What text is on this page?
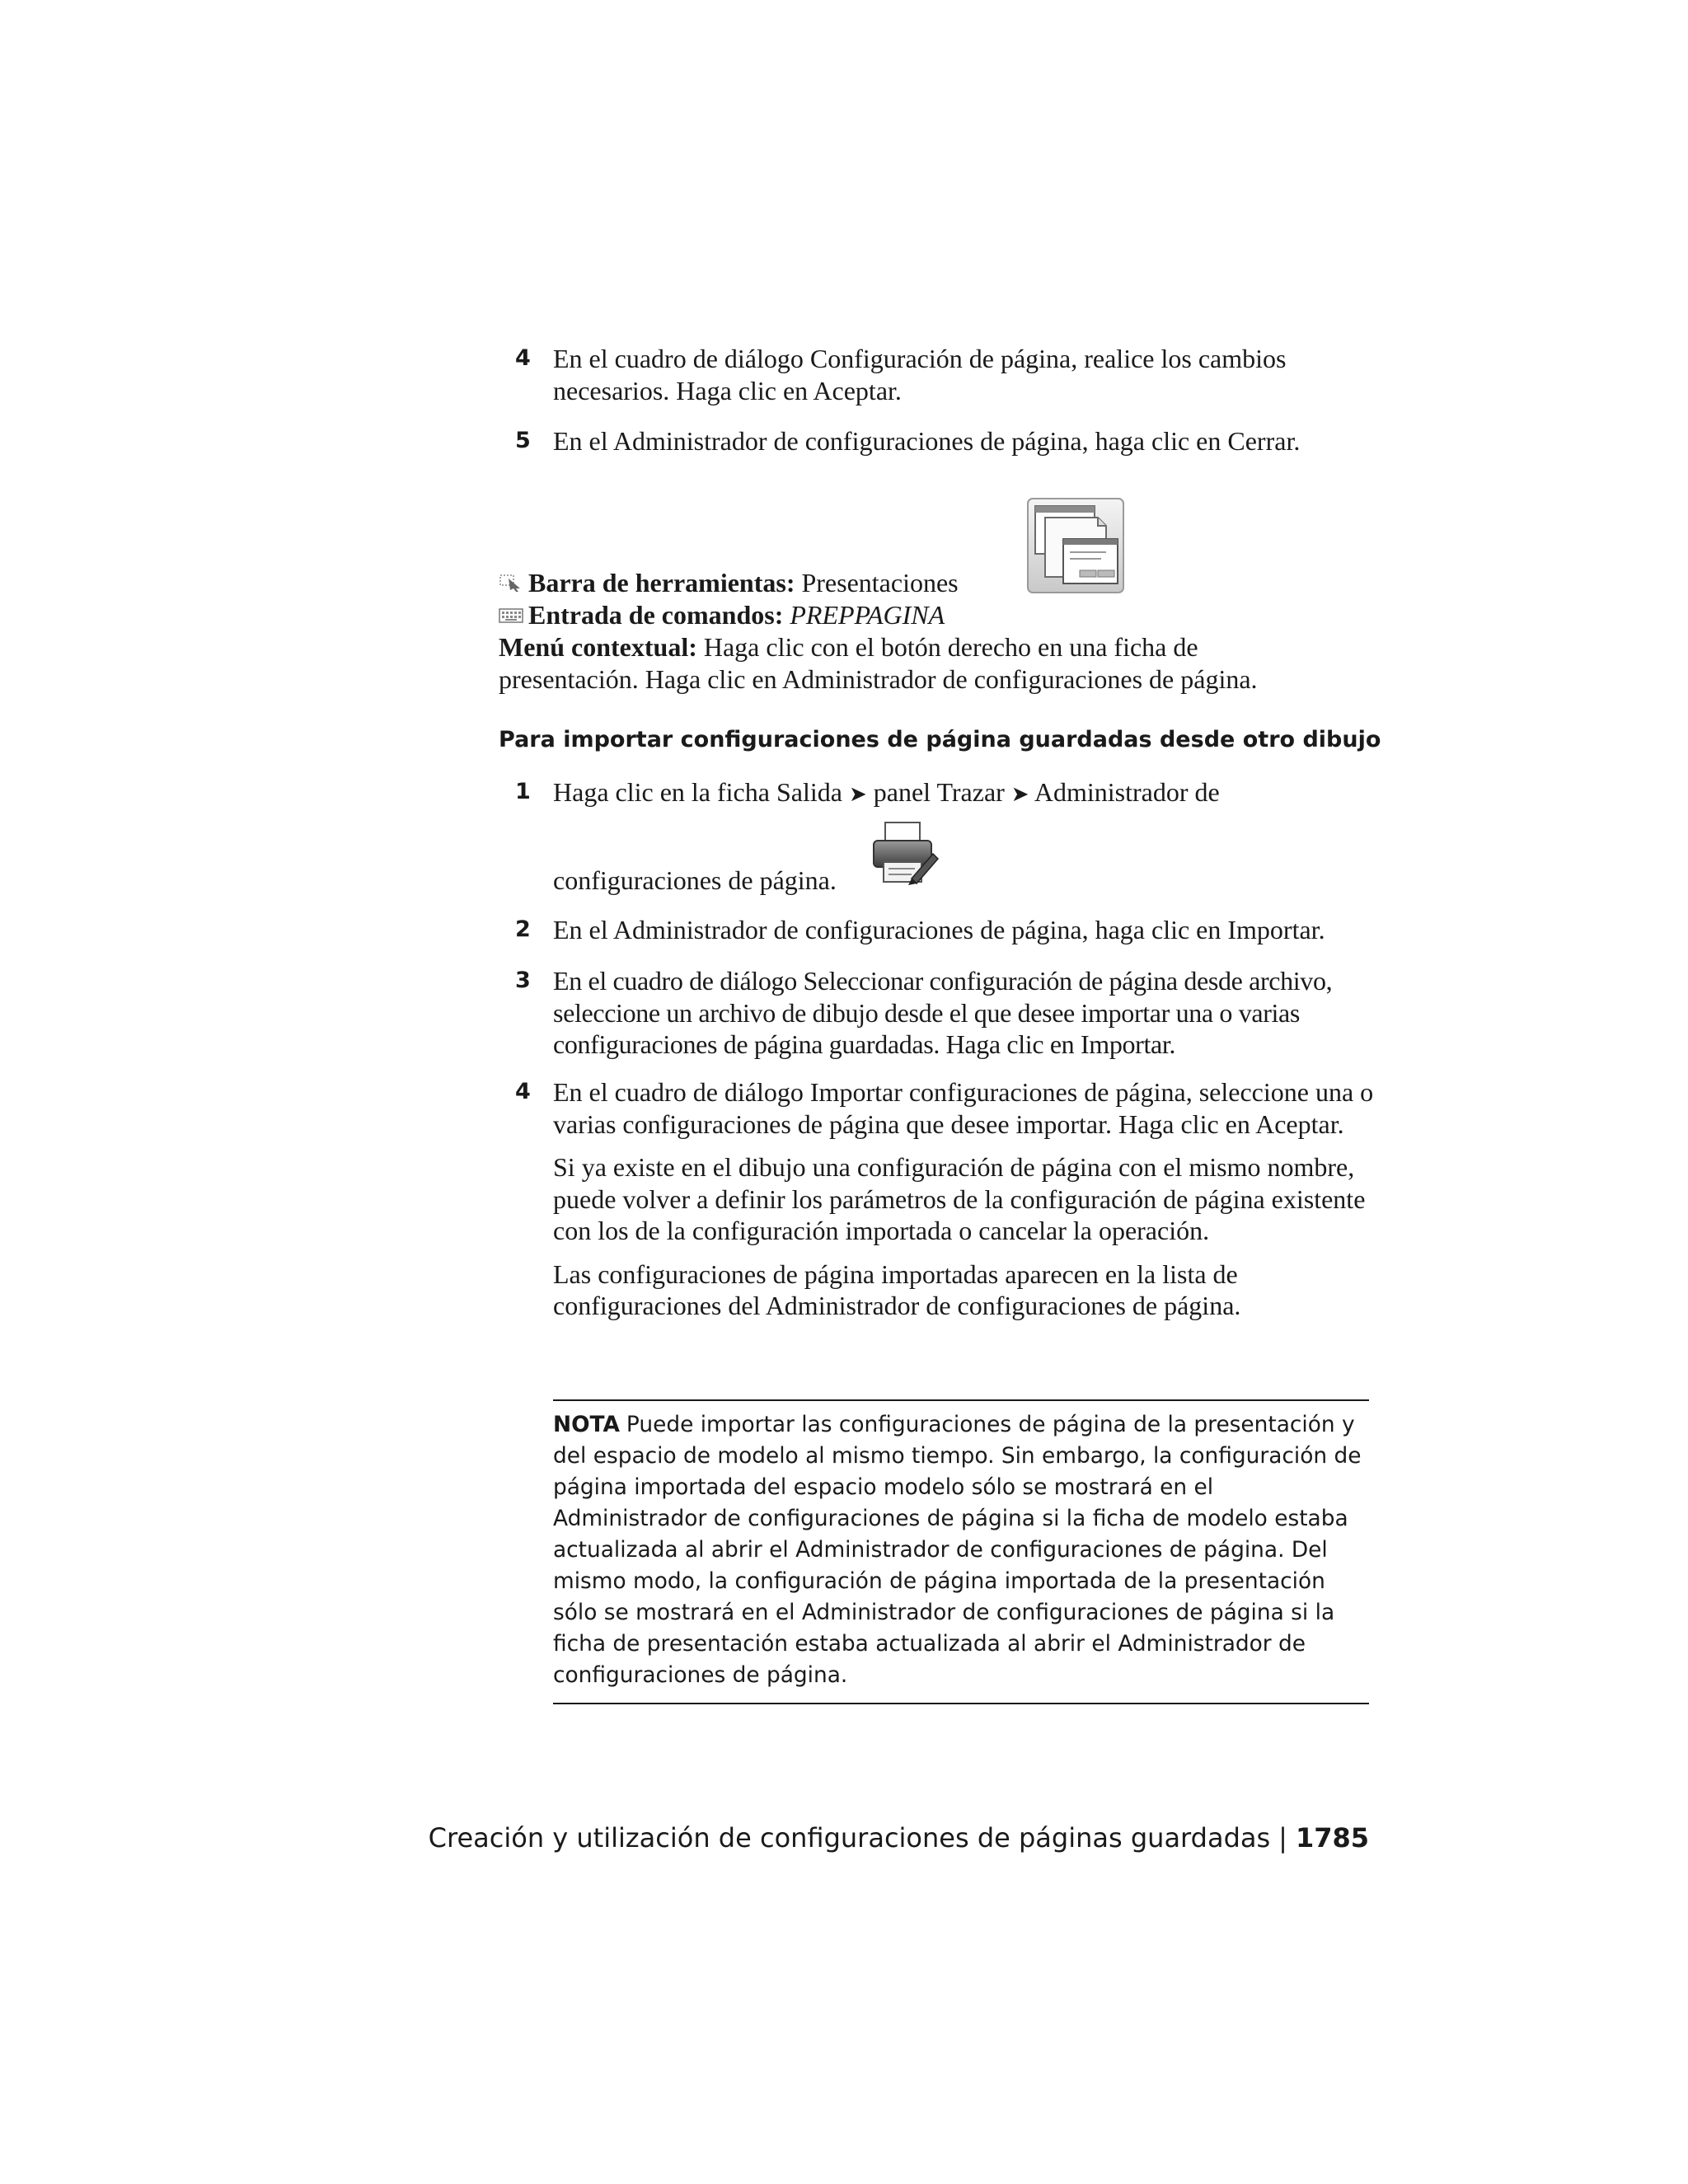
4 En el cuadro de diálogo Configuración de página, realice los cambios necesarios. Haga clic en Aceptar.

5 En el Administrador de configuraciones de página, haga clic en Cerrar.

Barra de herramientas: Presentaciones
Entrada de comandos: PREPPAGINA
Menú contextual: Haga clic con el botón derecho en una ficha de
presentación. Haga clic en Administrador de configuraciones de página.
Para importar configuraciones de página guardadas desde otro dibujo
1 Haga clic en la ficha Salida ➤ panel Trazar ➤ Administrador de
configuraciones de página.
2 En el Administrador de configuraciones de página, haga clic en Importar.

3 En el cuadro de diálogo Seleccionar configuración de página desde archivo, seleccione un archivo de dibujo desde el que desee importar una o varias configuraciones de página guardadas. Haga clic en Importar.

4 En el cuadro de diálogo Importar configuraciones de página, seleccione una o varias configuraciones de página que desee importar. Haga clic en Aceptar.

Si ya existe en el dibujo una configuración de página con el mismo nombre, puede volver a definir los parámetros de la configuración de página existente con los de la configuración importada o cancelar la operación.

Las configuraciones de página importadas aparecen en la lista de configuraciones del Administrador de configuraciones de página.

NOTA Puede importar las configuraciones de página de la presentación y del espacio de modelo al mismo tiempo. Sin embargo, la configuración de página importada del espacio modelo sólo se mostrará en el Administrador de configuraciones de página si la ficha de modelo estaba actualizada al abrir el Administrador de configuraciones de página. Del mismo modo, la configuración de página importada de la presentación sólo se mostrará en el Administrador de configuraciones de página si la ficha de presentación estaba actualizada al abrir el Administrador de configuraciones de página.
Creación y utilización de configuraciones de páginas guardadas | 1785
